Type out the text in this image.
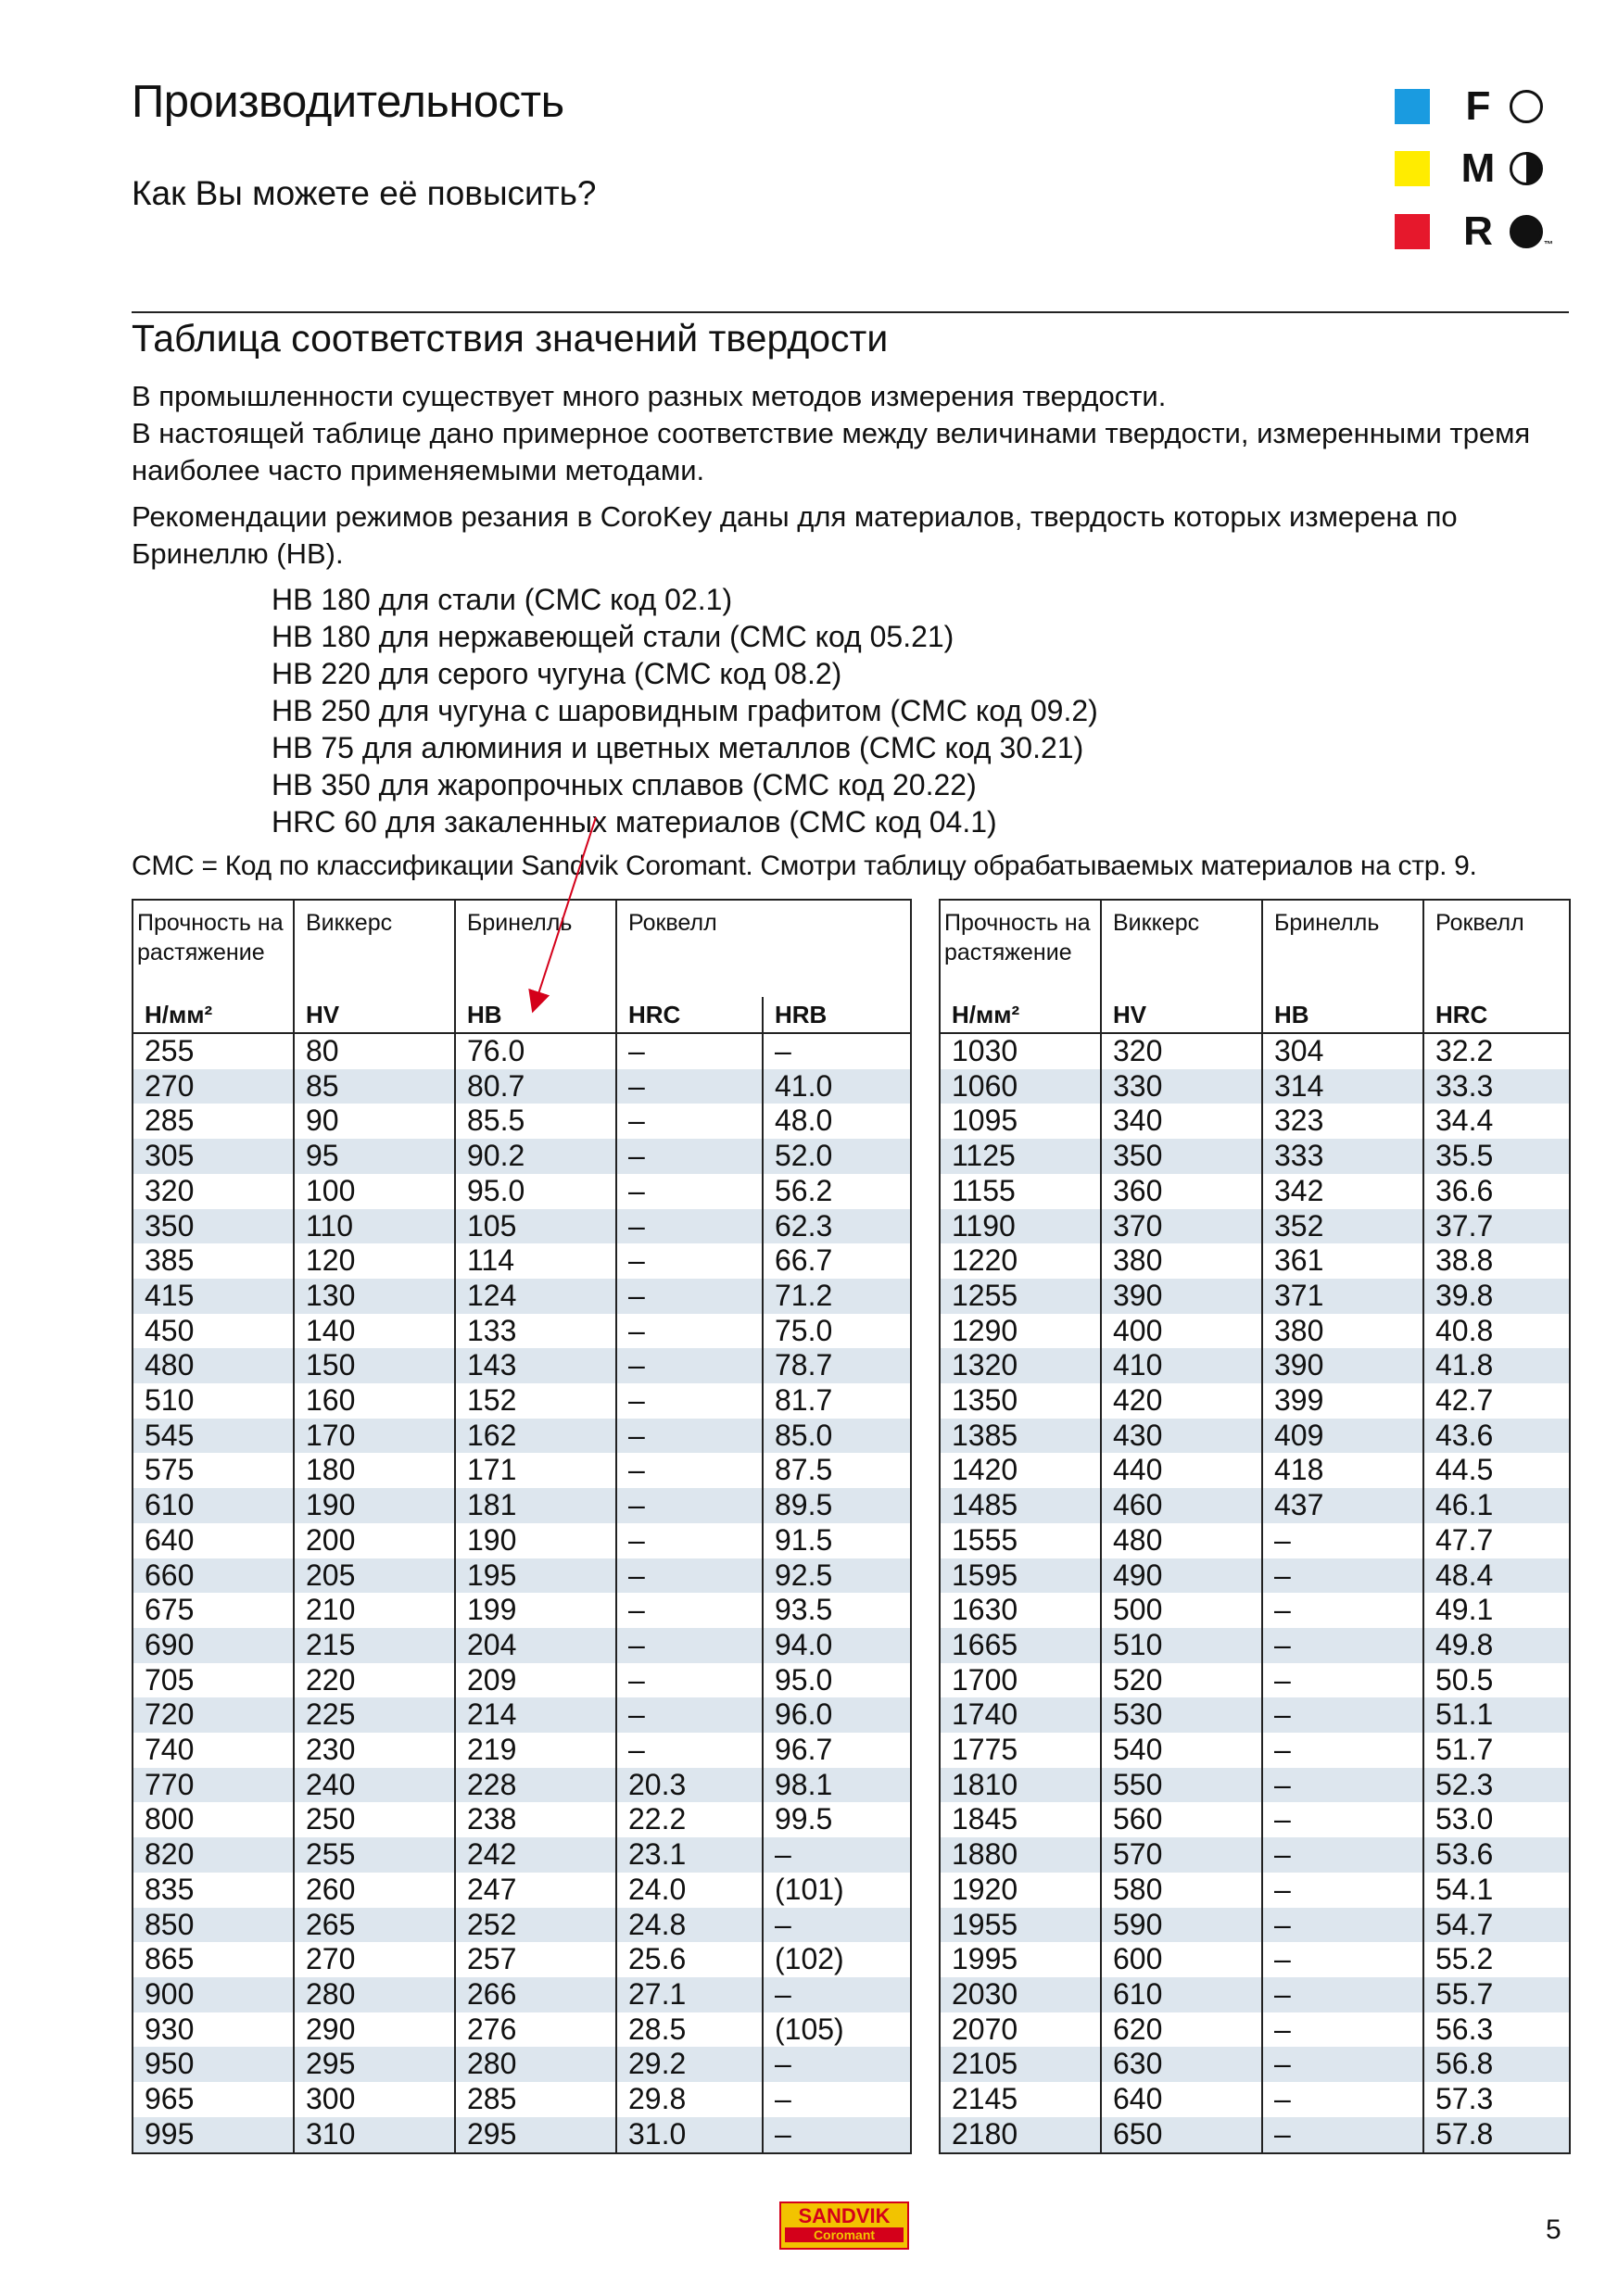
Производительность
Как Вы можете её повысить?
F
M
R	™
Таблица соответствия значений твердости
В промышленности существует много разных методов измерения твердости.
В настоящей таблице дано примерное соответствие между величинами твердости, измеренными тремя наиболее часто применяемыми методами.
Рекомендации режимов резания в CoroKey даны для материалов, твердость которых измерена по Бринеллю (HB).
HB 180 для стали (CMC код 02.1)
HB 180 для нержавеющей стали (CMC код 05.21)
HB 220 для серого чугуна (CMC код 08.2)
HB 250 для чугуна с шаровидным графитом (CMC код 09.2)
HB 75 для алюминия и цветных металлов (CMC код 30.21)
HB 350 для жаропрочных сплавов (CMC код 20.22)
HRC 60 для закаленных материалов (CMC код 04.1)
CMC = Код по классификации Sandvik Coromant. Смотри таблицу обрабатываемых материалов на стр. 9.
Прочность на растяжение	Виккерс	Бринелль	Роквелл	
Н/мм²	HV	HB	HRC	HRB
255	80	76.0	–	–
270	85	80.7	–	41.0
285	90	85.5	–	48.0
305	95	90.2	–	52.0
320	100	95.0	–	56.2
350	110	105	–	62.3
385	120	114	–	66.7
415	130	124	–	71.2
450	140	133	–	75.0
480	150	143	–	78.7
510	160	152	–	81.7
545	170	162	–	85.0
575	180	171	–	87.5
610	190	181	–	89.5
640	200	190	–	91.5
660	205	195	–	92.5
675	210	199	–	93.5
690	215	204	–	94.0
705	220	209	–	95.0
720	225	214	–	96.0
740	230	219	–	96.7
770	240	228	20.3	98.1
800	250	238	22.2	99.5
820	255	242	23.1	–
835	260	247	24.0	(101)
850	265	252	24.8	–
865	270	257	25.6	(102)
900	280	266	27.1	–
930	290	276	28.5	(105)
950	295	280	29.2	–
965	300	285	29.8	–
995	310	295	31.0	–
Прочность на растяжение	Виккерс	Бринелль	Роквелл
Н/мм²	HV	HB	HRC
1030	320	304	32.2
1060	330	314	33.3
1095	340	323	34.4
1125	350	333	35.5
1155	360	342	36.6
1190	370	352	37.7
1220	380	361	38.8
1255	390	371	39.8
1290	400	380	40.8
1320	410	390	41.8
1350	420	399	42.7
1385	430	409	43.6
1420	440	418	44.5
1485	460	437	46.1
1555	480	–	47.7
1595	490	–	48.4
1630	500	–	49.1
1665	510	–	49.8
1700	520	–	50.5
1740	530	–	51.1
1775	540	–	51.7
1810	550	–	52.3
1845	560	–	53.0
1880	570	–	53.6
1920	580	–	54.1
1955	590	–	54.7
1995	600	–	55.2
2030	610	–	55.7
2070	620	–	56.3
2105	630	–	56.8
2145	640	–	57.3
2180	650	–	57.8
SANDVIK
Coromant	5
